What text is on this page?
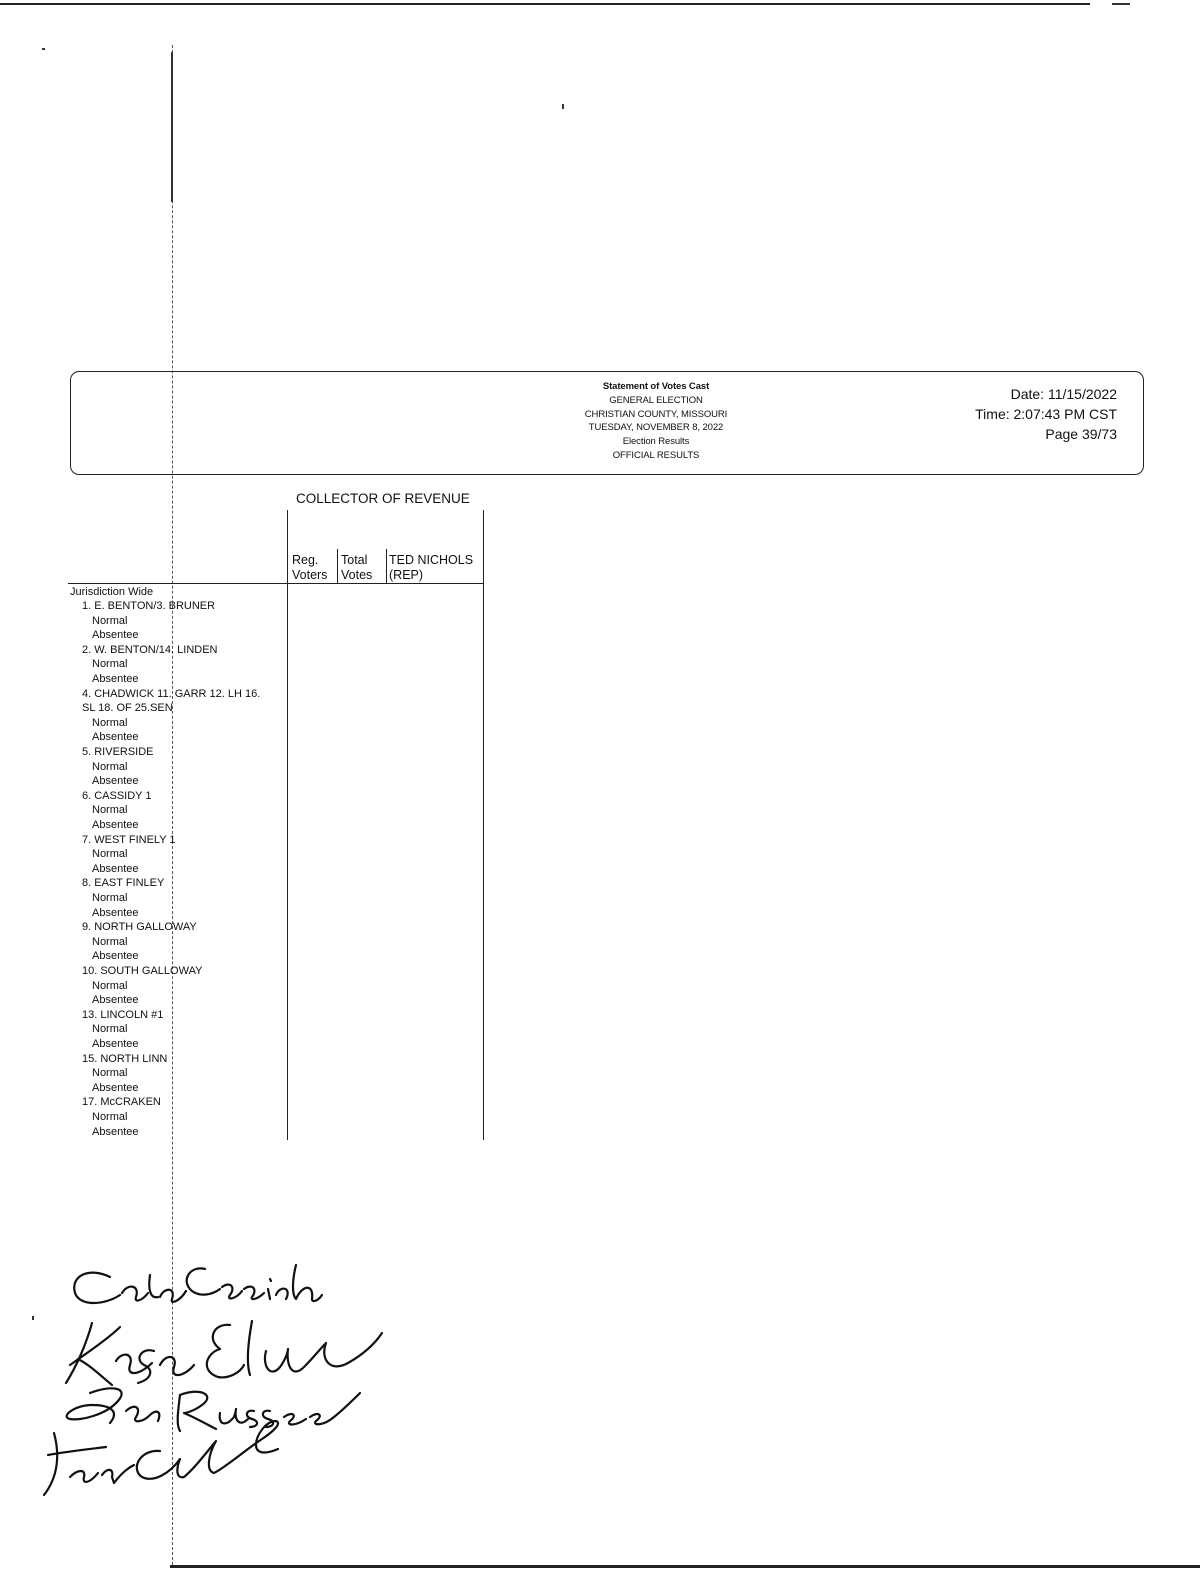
Statement of Votes Cast
GENERAL ELECTION
CHRISTIAN COUNTY, MISSOURI
TUESDAY, NOVEMBER 8, 2022
Election Results
OFFICIAL RESULTS
Date: 11/15/2022
Time: 2:07:43 PM CST
Page 39/73
COLLECTOR OF REVENUE
Reg.
Voters
Total
Votes
TED NICHOLS
(REP)
Jurisdiction Wide
1. E. BENTON/3. BRUNER
Normal
Absentee
2. W. BENTON/14. LINDEN
Normal
Absentee
4. CHADWICK 11. GARR 12. LH 16.
SL 18. OF 25.SEN
Normal
Absentee
5. RIVERSIDE
Normal
Absentee
6. CASSIDY 1
Normal
Absentee
7. WEST FINELY 1
Normal
Absentee
8. EAST FINLEY
Normal
Absentee
9. NORTH GALLOWAY
Normal
Absentee
10. SOUTH GALLOWAY
Normal
Absentee
13. LINCOLN #1
Normal
Absentee
15. NORTH LINN
Normal
Absentee
17. McCRAKEN
Normal
Absentee
